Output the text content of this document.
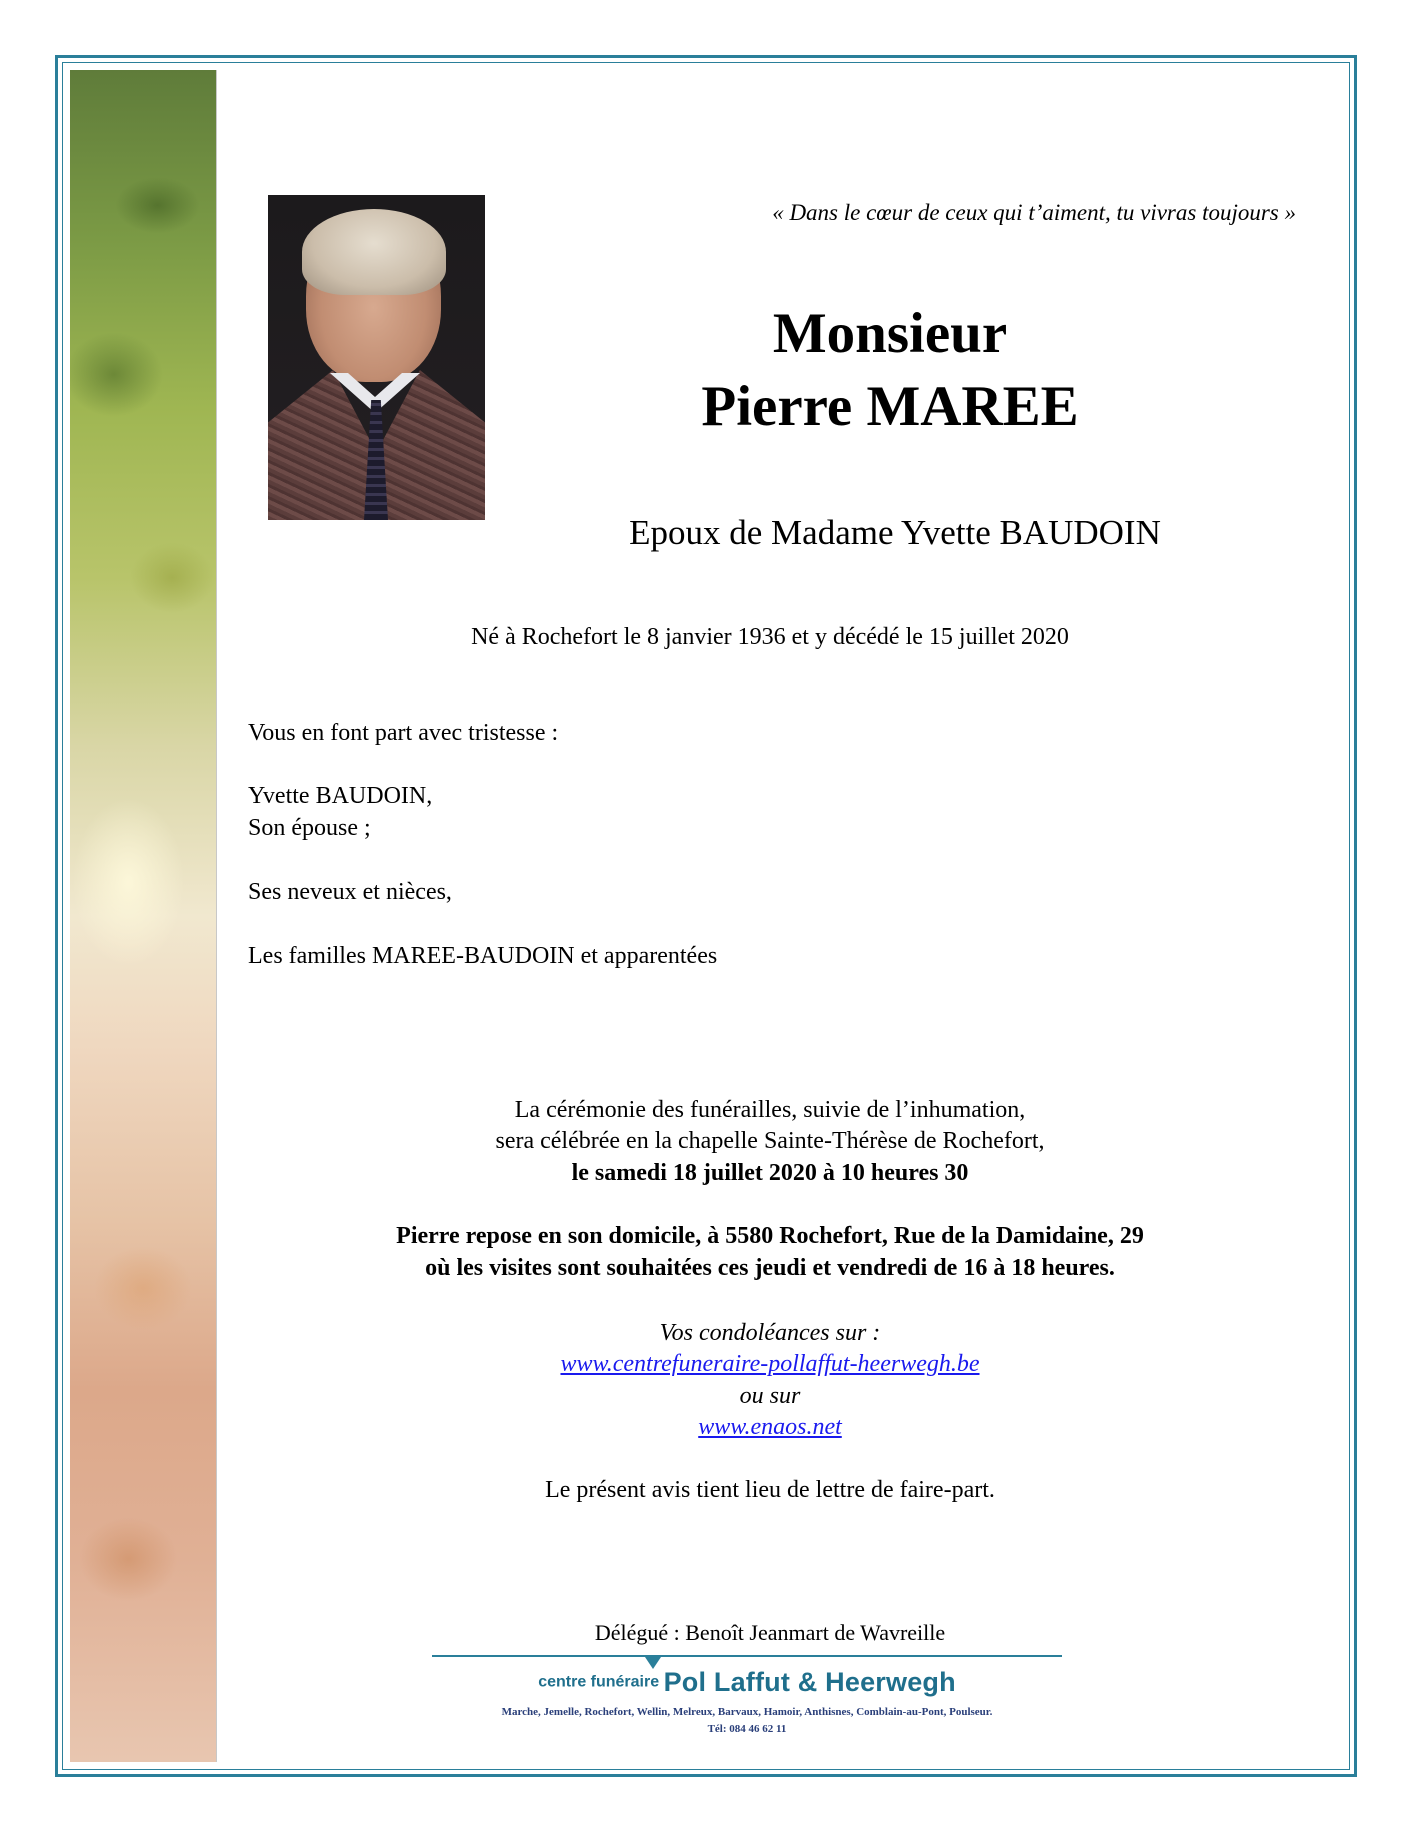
« Dans le cœur de ceux qui t’aiment, tu vivras toujours »
Monsieur
Pierre MAREE
Epoux de Madame Yvette BAUDOIN
Né à Rochefort le 8 janvier 1936 et y décédé le 15 juillet 2020
Vous en font part avec tristesse :
Yvette BAUDOIN,
Son épouse ;
Ses neveux et nièces,
Les familles MAREE-BAUDOIN et apparentées
La cérémonie des funérailles, suivie de l’inhumation,
sera célébrée en la chapelle Sainte-Thérèse de Rochefort,
le samedi 18 juillet 2020 à 10 heures 30
Pierre repose en son domicile, à 5580 Rochefort, Rue de la Damidaine, 29
où les visites sont souhaitées ces jeudi et vendredi de 16 à 18 heures.
Vos condoléances sur :
www.centrefuneraire-pollaffut-heerwegh.be
ou sur
www.enaos.net
Le présent avis tient lieu de lettre de faire-part.
Délégué : Benoît Jeanmart de Wavreille
centre funéraire Pol Laffut & Heerwegh
Marche, Jemelle, Rochefort, Wellin, Melreux, Barvaux, Hamoir, Anthisnes, Comblain-au-Pont, Poulseur.
Tél: 084 46 62 11
